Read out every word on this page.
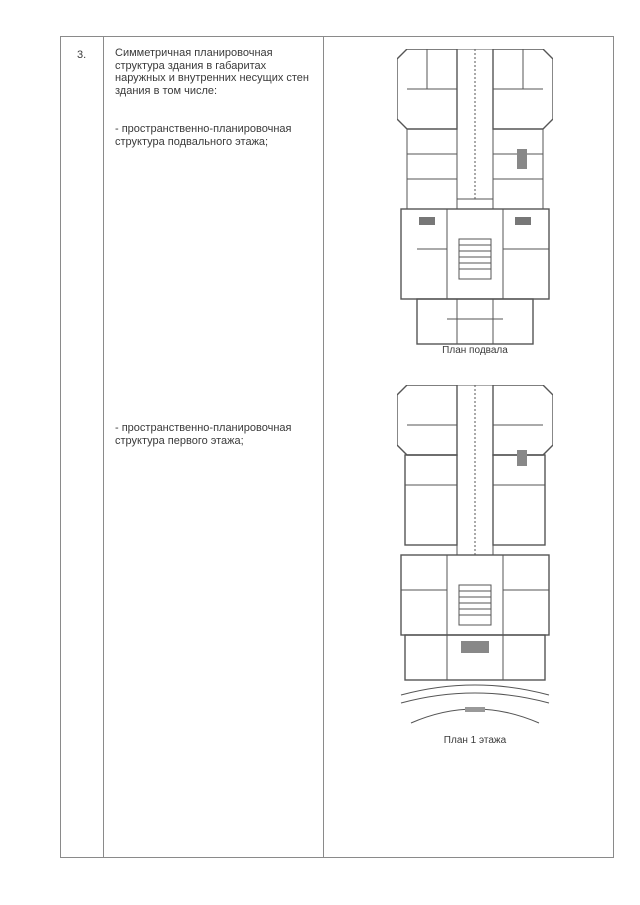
3.	Симметричная планировочная структура здания в габаритах наружных и внутренних несущих стен здания в том числе:
- пространственно-планировочная структура подвального этажа;
- пространственно-планировочная структура первого этажа;
План подвала
План 1 этажа
